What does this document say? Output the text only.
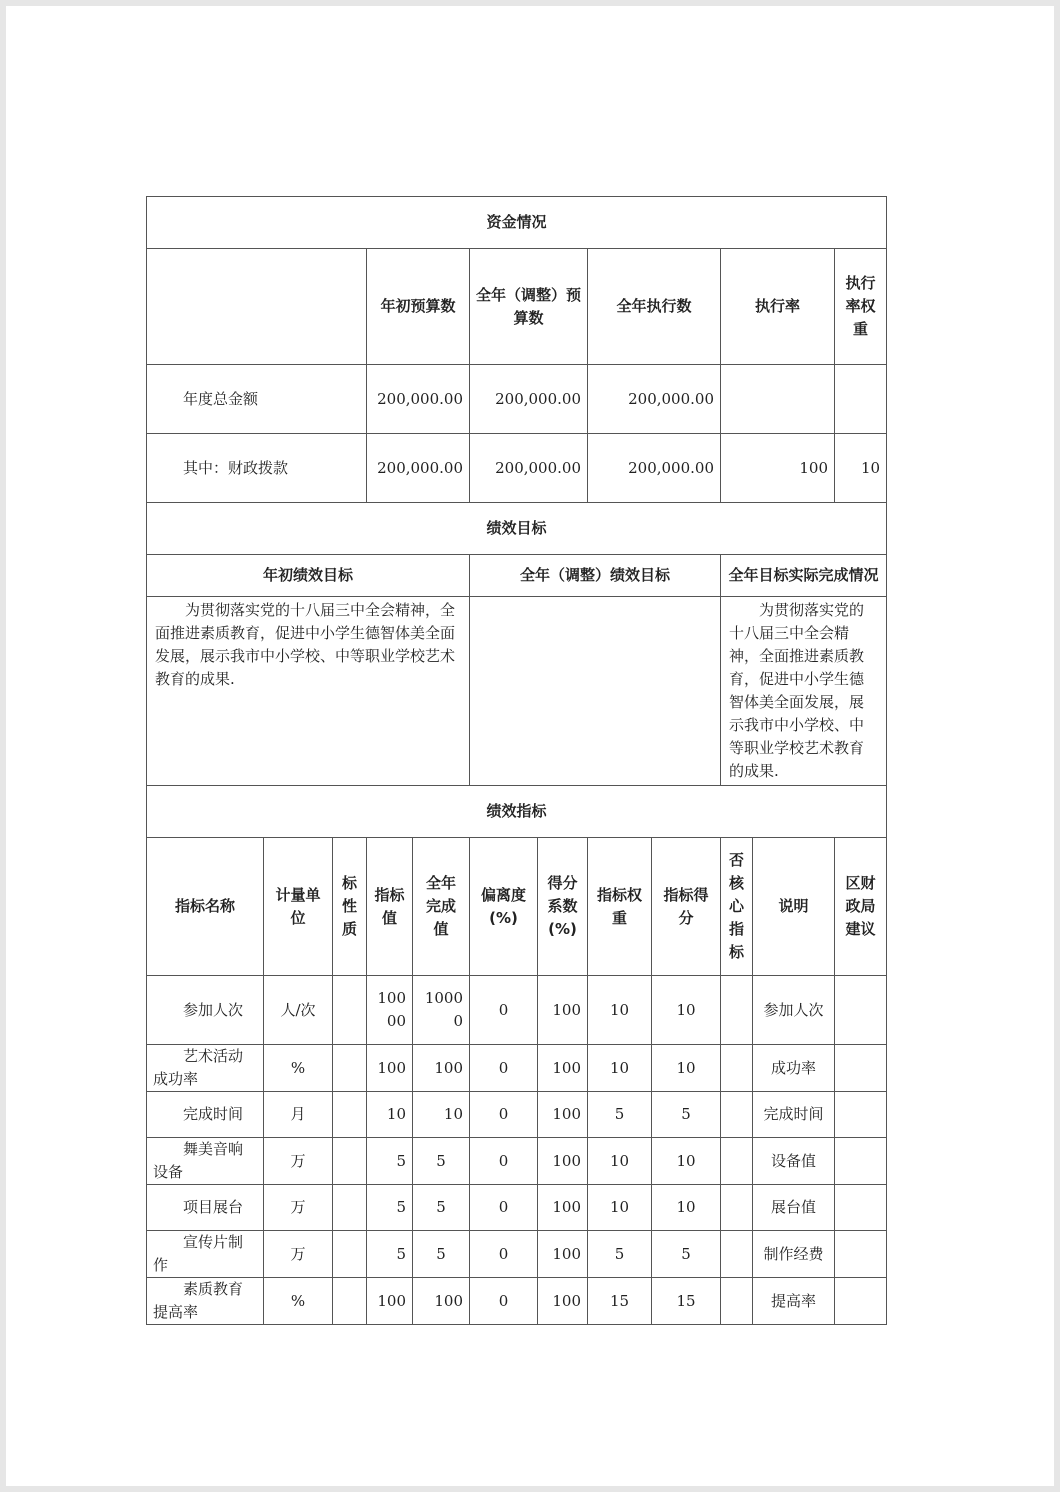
资金情况												
			年初预算数		全年（调整）预算数		全年执行数		执行率		执行率权重	
年度总金额			200,000.00		200,000.00		200,000.00					
其中：财政拨款			200,000.00		200,000.00		200,000.00		100		10	
绩效目标												
年初绩效目标					全年（调整）绩效目标				全年目标实际完成情况			
为贯彻落实党的十八届三中全会精神，全面推进素质教育，促进中小学生德智体美全面发展，展示我市中小学校、中等职业学校艺术教育的成果.									为贯彻落实党的十八届三中全会精神，全面推进素质教育，促进中小学生德智体美全面发展，展示我市中小学校、中等职业学校艺术教育的成果.			
绩效指标												
指标名称	计量单位	标性质	指标值	全年完成值	偏离度(%)	得分系数(%)	指标权重	指标得分	否核心指标	说明	区财政局建议	
参加人次	人/次		10000	10000	0	100	10	10		参加人次		
艺术活动成功率	%		100	100	0	100	10	10		成功率		
完成时间	月		10	10	0	100	5	5		完成时间		
舞美音响设备	万		5	5	0	100	10	10		设备值		
项目展台	万		5	5	0	100	10	10		展台值		
宣传片制作	万		5	5	0	100	5	5		制作经费		
素质教育提高率	%		100	100	0	100	15	15		提高率		
